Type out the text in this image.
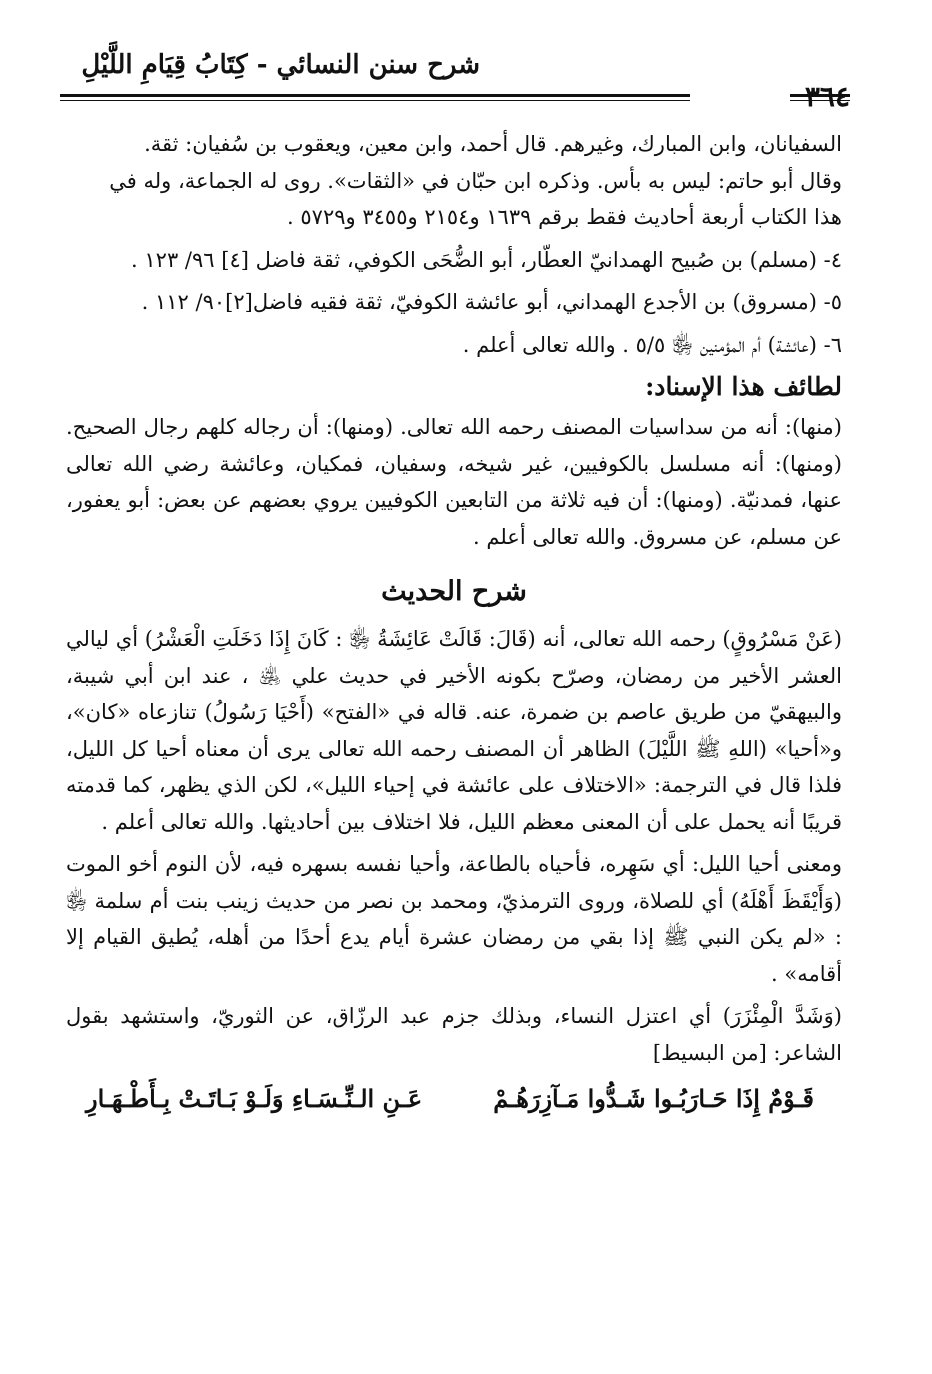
شرح سنن النسائي - كِتَابُ قِيَامِ اللَّيْلِ
٣٦٤

السفيانان، وابن المبارك، وغيرهم. قال أحمد، وابن معين، ويعقوب بن سُفيان: ثقة.

وقال أبو حاتم: ليس به بأس. وذكره ابن حبّان في «الثقات». روى له الجماعة، وله في

هذا الكتاب أربعة أحاديث فقط برقم ١٦٣٩ و٢١٥٤ و٣٤٥٥ و٥٧٢٩ .

٤- (مسلم) بن صُبيح الهمدانيّ العطّار، أبو الضُّحَى الكوفي، ثقة فاضل [٤] ٩٦/ ١٢٣ .

٥- (مسروق) بن الأجدع الهمداني، أبو عائشة الكوفيّ، ثقة فقيه فاضل[٢]٩٠/ ١١٢ .

٦- (عائشة) أم المؤمنين ﵂ ٥/٥ . والله تعالى أعلم .

لطائف هذا الإسناد:

(منها): أنه من سداسيات المصنف رحمه الله تعالى. (ومنها): أن رجاله كلهم رجال الصحيح. (ومنها): أنه مسلسل بالكوفيين، غير شيخه، وسفيان، فمكيان، وعائشة رضي الله تعالى عنها، فمدنيّة. (ومنها): أن فيه ثلاثة من التابعين الكوفيين يروي بعضهم عن بعض: أبو يعفور، عن مسلم، عن مسروق. والله تعالى أعلم .

شرح الحديث

(عَنْ مَسْرُوقٍ) رحمه الله تعالى، أنه (قَالَ: قَالَتْ عَائِشَةُ ﵂ : كَانَ إِذَا دَخَلَتِ الْعَشْرُ) أي ليالي العشر الأخير من رمضان، وصرّح بكونه الأخير في حديث علي ﵁ ، عند ابن أبي شيبة، والبيهقيّ من طريق عاصم بن ضمرة، عنه. قاله في «الفتح» (أَحْيَا رَسُولُ) تنازعاه «كان»، و«أحيا» (اللهِ ﷺ اللَّيْلَ) الظاهر أن المصنف رحمه الله تعالى يرى أن معناه أحيا كل الليل، فلذا قال في الترجمة: «الاختلاف على عائشة في إحياء الليل»، لكن الذي يظهر، كما قدمته قريبًا أنه يحمل على أن المعنى معظم الليل، فلا اختلاف بين أحاديثها. والله تعالى أعلم .

ومعنى أحيا الليل: أي سَهِره، فأحياه بالطاعة، وأحيا نفسه بسهره فيه، لأن النوم أخو الموت (وَأَيْقَظَ أَهْلَهُ) أي للصلاة، وروى الترمذيّ، ومحمد بن نصر من حديث زينب بنت أم سلمة ﵂ : «لم يكن النبي ﷺ إذا بقي من رمضان عشرة أيام يدع أحدًا من أهله، يُطيق القيام إلا أقامه» .

(وَشَدَّ الْمِئْزَرَ) أي اعتزل النساء، وبذلك جزم عبد الرزّاق، عن الثوريّ، واستشهد بقول الشاعر: [من البسيط]

قَـوْمٌ إِذَا حَـارَبُـوا شَـدُّوا مَـآزِرَهُـمْ
عَـنِ الـنِّـسَـاءِ وَلَـوْ بَـاتَـتْ بِـأَطْـهَـارِ
